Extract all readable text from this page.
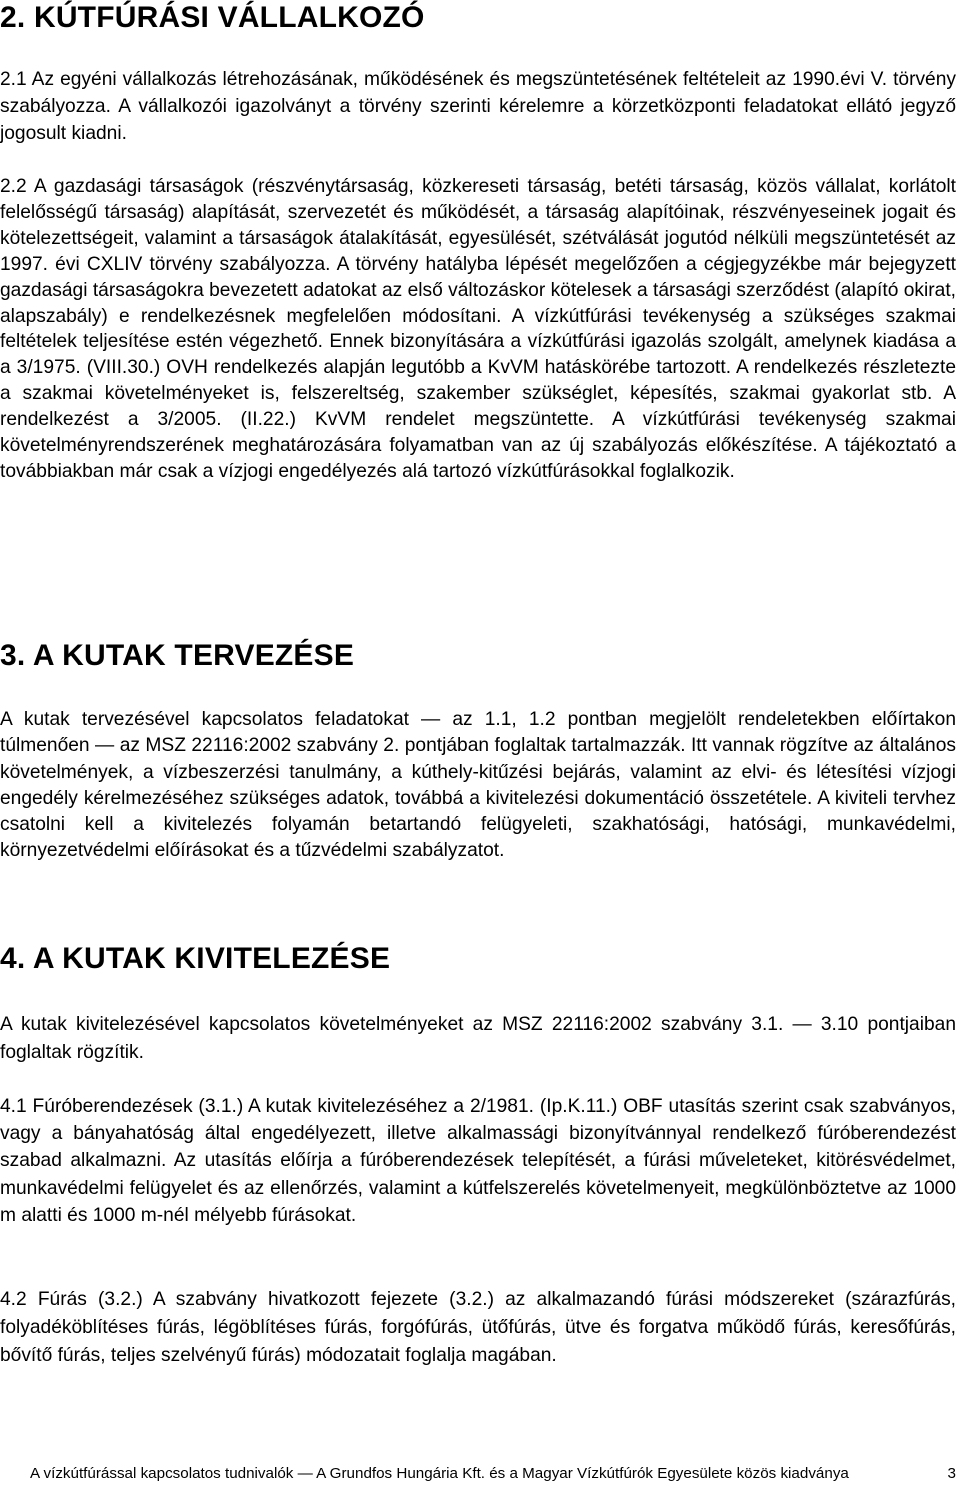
2. KÚTFÚRÁSI VÁLLALKOZÓ

2.1 Az egyéni vállalkozás létrehozásának, működésének és megszüntetésének feltételeit az 1990.évi V. törvény szabályozza. A vállalkozói igazolványt a törvény szerinti kérelemre a körzetközponti feladatokat ellátó jegyző jogosult kiadni.

2.2 A gazdasági társaságok (részvénytársaság, közkereseti társaság, betéti társaság, közös vállalat, korlátolt felelősségű társaság) alapítását, szervezetét és működését, a társaság alapítóinak, részvényeseinek jogait és kötelezettségeit, valamint a társaságok átalakítását, egyesülését, szétválását jogutód nélküli megszüntetését az 1997. évi CXLIV törvény szabályozza. A törvény hatályba lépését megelőzően a cégjegyzékbe már bejegyzett gazdasági társaságokra bevezetett adatokat az első változáskor kötelesek a társasági szerződést (alapító okirat, alapszabály) e rendelkezésnek megfelelően módosítani. A vízkútfúrási tevékenység a szükséges szakmai feltételek teljesítése estén végezhető. Ennek bizonyítására a vízkútfúrási igazolás szolgált, amelynek kiadása a a 3/1975. (VIII.30.) OVH rendelkezés alapján legutóbb a KvVM hatáskörébe tartozott. A rendelkezés részletezte a szakmai követelményeket is, felszereltség, szakember szükséglet, képesítés, szakmai gyakorlat stb. A rendelkezést a 3/2005. (II.22.) KvVM rendelet megszüntette. A vízkútfúrási tevékenység szakmai követelményrendszerének meghatározására folyamatban van az új szabályozás előkészítése. A tájékoztató a továbbiakban már csak a vízjogi engedélyezés alá tartozó vízkútfúrásokkal foglalkozik.

3. A KUTAK TERVEZÉSE

A kutak tervezésével kapcsolatos feladatokat — az 1.1, 1.2 pontban megjelölt rendeletekben előírtakon túlmenően — az MSZ 22116:2002 szabvány 2. pontjában foglaltak tartalmazzák. Itt vannak rögzítve az általános követelmények, a vízbeszerzési tanulmány, a kúthely-kitűzési bejárás, valamint az elvi- és létesítési vízjogi engedély kérelmezéséhez szükséges adatok, továbbá a kivitelezési dokumentáció összetétele. A kiviteli tervhez csatolni kell a kivitelezés folyamán betartandó felügyeleti, szakhatósági, hatósági, munkavédelmi, környezetvédelmi előírásokat és a tűzvédelmi szabályzatot.

4. A KUTAK KIVITELEZÉSE

A kutak kivitelezésével kapcsolatos követelményeket az MSZ 22116:2002 szabvány 3.1. — 3.10 pontjaiban foglaltak rögzítik.

4.1 Fúróberendezések (3.1.) A kutak kivitelezéséhez a 2/1981. (Ip.K.11.) OBF utasítás szerint csak szabványos, vagy a bányahatóság által engedélyezett, illetve alkalmassági bizonyítvánnyal rendelkező fúróberendezést szabad alkalmazni. Az utasítás előírja a fúróberendezések telepítését, a fúrási műveleteket, kitörésvédelmet, munkavédelmi felügyelet és az ellenőrzés, valamint a kútfelszerelés követelmenyeit, megkülönböztetve az 1000 m alatti és 1000 m-nél mélyebb fúrásokat.

4.2 Fúrás (3.2.) A szabvány hivatkozott fejezete (3.2.) az alkalmazandó fúrási módszereket (szárazfúrás, folyadéköblítéses fúrás, légöblítéses fúrás, forgófúrás, ütőfúrás, ütve és forgatva működő fúrás, keresőfúrás, bővítő fúrás, teljes szelvényű fúrás) módozatait foglalja magában.

A vízkútfúrással kapcsolatos tudnivalók — A Grundfos Hungária Kft. és a Magyar Vízkútfúrók Egyesülete közös kiadványa	3
